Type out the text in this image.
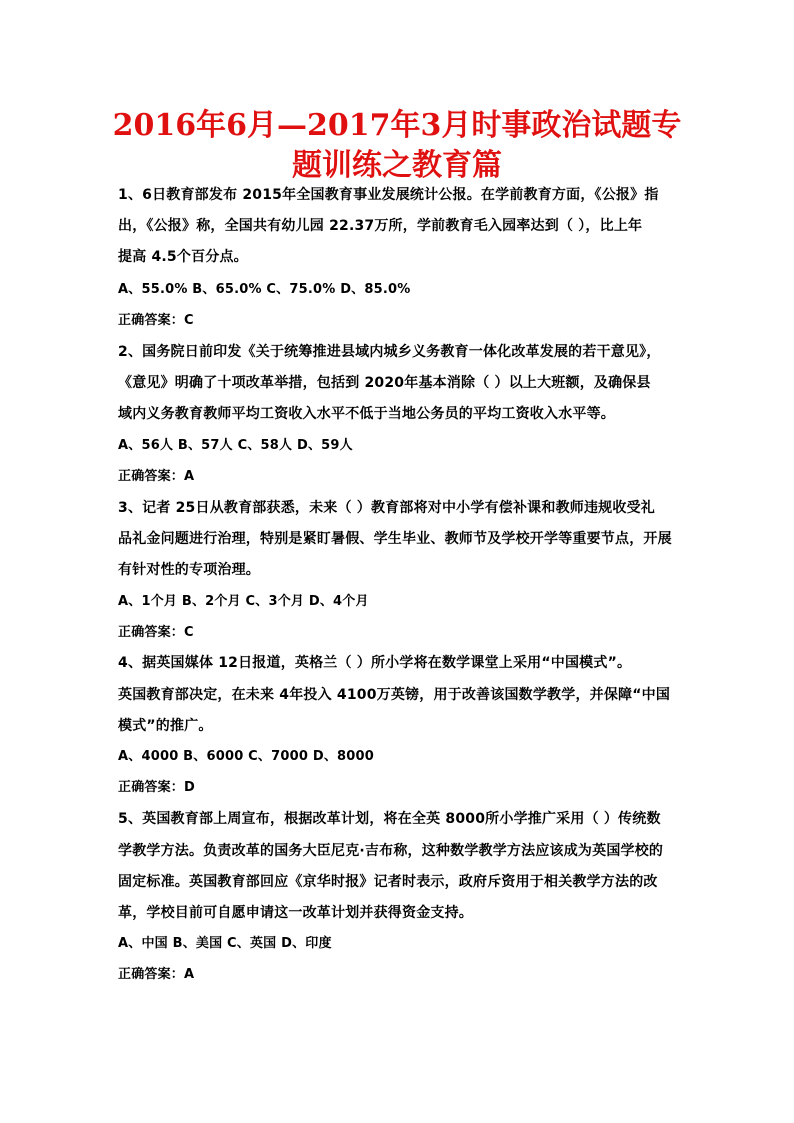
2016年6月—2017年3月时事政治试题专
题训练之教育篇
1、6日教育部发布 2015年全国教育事业发展统计公报。在学前教育方面，《公报》指
出，《公报》称，全国共有幼儿园 22.37万所，学前教育毛入园率达到（ ），比上年
提高 4.5个百分点。
A、55.0% B、65.0% C、75.0% D、85.0%
正确答案：C
2、国务院日前印发《关于统筹推进县域内城乡义务教育一体化改革发展的若干意见》，
《意见》明确了十项改革举措，包括到 2020年基本消除（ ）以上大班额，及确保县
域内义务教育教师平均工资收入水平不低于当地公务员的平均工资收入水平等。
A、56人 B、57人 C、58人 D、59人
正确答案：A
3、记者 25日从教育部获悉，未来（ ）教育部将对中小学有偿补课和教师违规收受礼
品礼金问题进行治理，特别是紧盯暑假、学生毕业、教师节及学校开学等重要节点，开展
有针对性的专项治理。
A、1个月 B、2个月 C、3个月 D、4个月
正确答案：C
4、据英国媒体 12日报道，英格兰（ ）所小学将在数学课堂上采用“中国模式”。
英国教育部决定，在未来 4年投入 4100万英镑，用于改善该国数学教学，并保障“中国
模式”的推广。
A、4000 B、6000 C、7000 D、8000
正确答案：D
5、英国教育部上周宣布，根据改革计划，将在全英 8000所小学推广采用（ ）传统数
学教学方法。负责改革的国务大臣尼克·吉布称，这种数学教学方法应该成为英国学校的
固定标准。英国教育部回应《京华时报》记者时表示，政府斥资用于相关教学方法的改
革，学校目前可自愿申请这一改革计划并获得资金支持。
A、中国 B、美国 C、英国 D、印度
正确答案：A
